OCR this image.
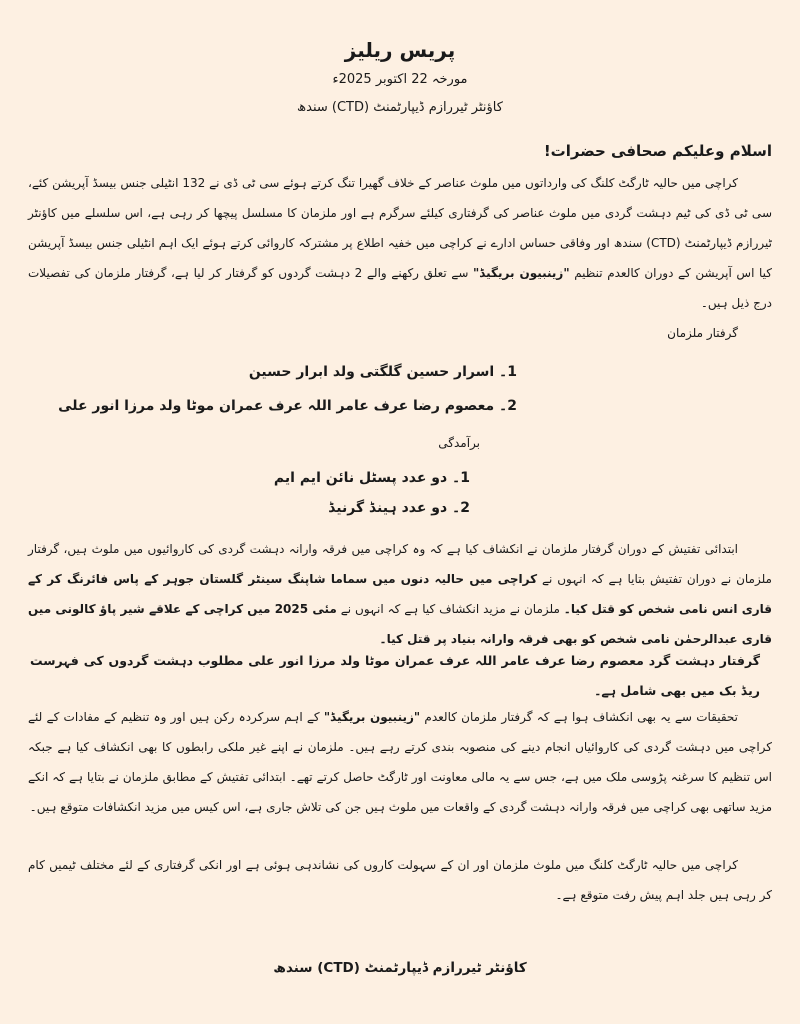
پریس ریلیز
مورخہ 22 اکتوبر 2025ء
کاؤنٹر ٹیررازم ڈیپارٹمنٹ (CTD) سندھ
اسلام وعلیکم صحافی حضرات!
کراچی میں حالیہ ٹارگٹ کلنگ کی وارداتوں میں ملوث عناصر کے خلاف گھیرا تنگ کرتے ہوئے سی ٹی ڈی نے 132 انٹیلی جنس بیسڈ آپریشن کئے، سی ٹی ڈی کی ٹیم دہشت گردی میں ملوث عناصر کی گرفتاری کیلئے سرگرم ہے اور ملزمان کا مسلسل پیچھا کر رہی ہے، اس سلسلے میں کاؤنٹر ٹیررازم ڈیپارٹمنٹ (CTD) سندھ اور وفاقی حساس ادارے نے کراچی میں خفیہ اطلاع پر مشترکہ کاروائی کرتے ہوئے ایک اہم انٹیلی جنس بیسڈ آپریشن کیا اس آپریشن کے دوران کالعدم تنظیم "زینبیون بریگیڈ" سے تعلق رکھنے والے 2 دہشت گردوں کو گرفتار کر لیا ہے، گرفتار ملزمان کی تفصیلات درج ذیل ہیں۔
گرفتار ملزمان
1۔ اسرار حسین گلگتی ولد ابرار حسین
2۔ معصوم رضا عرف عامر اللہ عرف عمران موٹا ولد مرزا انور علی
برآمدگی
1۔ دو عدد پسٹل نائن ایم ایم
2۔ دو عدد ہینڈ گرنیڈ
ابتدائی تفتیش کے دوران گرفتار ملزمان نے انکشاف کیا ہے کہ وہ کراچی میں فرقہ وارانہ دہشت گردی کی کاروائیوں میں ملوث ہیں، گرفتار ملزمان نے دوران تفتیش بتایا ہے کہ انہوں نے کراچی میں حالیہ دنوں میں سماما شاپنگ سینٹر گلستان جوہر کے پاس فائرنگ کر کے قاری انس نامی شخص کو قتل کیا۔ ملزمان نے مزید انکشاف کیا ہے کہ انہوں نے مئی 2025 میں کراچی کے علاقے شیر پاؤ کالونی میں قاری عبدالرحمٰن نامی شخص کو بھی فرقہ وارانہ بنیاد پر قتل کیا۔
گرفتار دہشت گرد معصوم رضا عرف عامر اللہ عرف عمران موٹا ولد مرزا انور علی مطلوب دہشت گردوں کی فہرست ریڈ بک میں بھی شامل ہے۔
تحقیقات سے یہ بھی انکشاف ہوا ہے کہ گرفتار ملزمان کالعدم "زینبیون بریگیڈ" کے اہم سرکردہ رکن ہیں اور وہ تنظیم کے مفادات کے لئے کراچی میں دہشت گردی کی کاروائیاں انجام دینے کی منصوبہ بندی کرتے رہے ہیں۔ ملزمان نے اپنے غیر ملکی رابطوں کا بھی انکشاف کیا ہے جبکہ اس تنظیم کا سرغنہ پڑوسی ملک میں ہے، جس سے یہ مالی معاونت اور ٹارگٹ حاصل کرتے تھے۔ ابتدائی تفتیش کے مطابق ملزمان نے بتایا ہے کہ انکے مزید ساتھی بھی کراچی میں فرقہ وارانہ دہشت گردی کے واقعات میں ملوث ہیں جن کی تلاش جاری ہے، اس کیس میں مزید انکشافات متوقع ہیں۔
کراچی میں حالیہ ٹارگٹ کلنگ میں ملوث ملزمان اور ان کے سہولت کاروں کی نشاندہی ہوئی ہے اور انکی گرفتاری کے لئے مختلف ٹیمیں کام کر رہی ہیں جلد اہم پیش رفت متوقع ہے۔
کاؤنٹر ٹیررازم ڈیپارٹمنٹ (CTD) سندھ
